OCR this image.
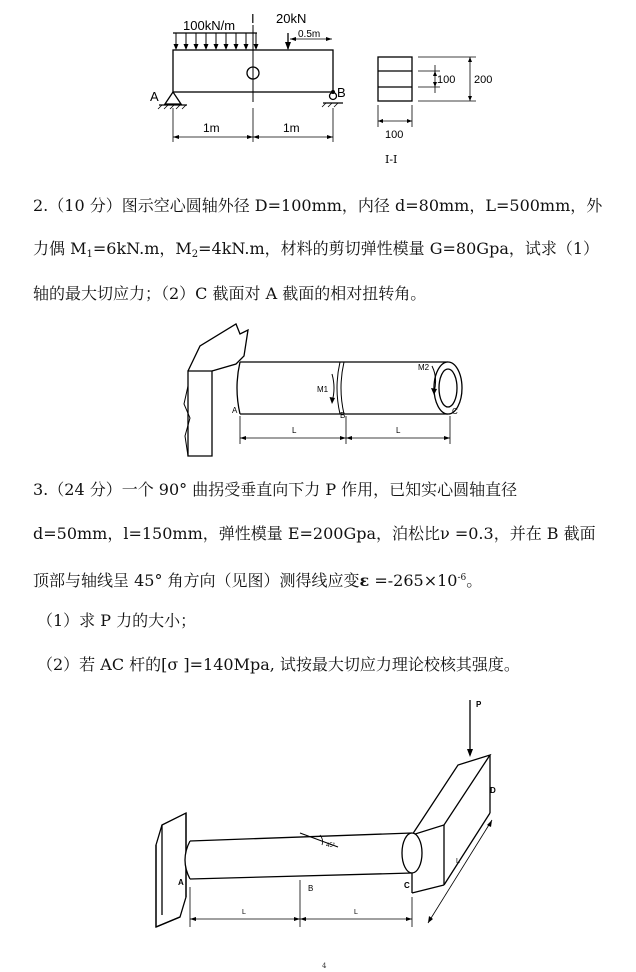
100kN/m I 20kN
0.5m
A	B
1m	1m
100 200
100
I-I
2.（10 分）图示空心圆轴外径 D=100mm，内径 d=80mm，L=500mm，外
力偶 $M_1=6kN.m$，$M_2=4kN.m$，材料的剪切弹性模量 G=80Gpa，试求（1）
轴的最大切应力；（2）C 截面对 A 截面的相对扭转角。
M1
M2
A
B	C
L	L
3.（24 分）一个 90° 曲拐受垂直向下力 P 作用，已知实心圆轴直径
d=50mm，l=150mm，弹性模量 E=200Gpa，泊松比ν =0.3，并在 B 截面
顶部与轴线呈 45° 角方向（见图）测得线应变$\varepsilon =-265\times 10^{-6}$。
（1）求 P 力的大小；
（2）若 AC 杆的[σ ]=140Mpa, 试按最大切应力理论校核其强度。
P
D
A
B	C
45°
L	L
L
4
